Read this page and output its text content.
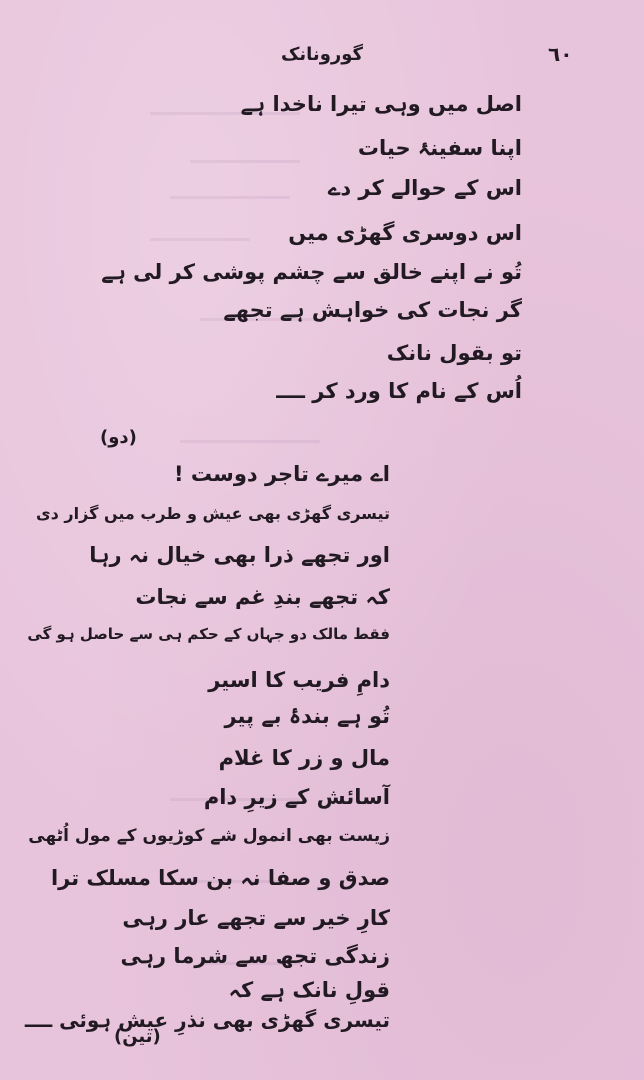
گورونانک	٦٠
اصل میں وہی تیرا ناخدا ہے
اپنا سفینۂ حیات
اس کے حوالے کر دے
اس دوسری گھڑی میں
تُو نے اپنے خالق سے چشم پوشی کر لی ہے
گر نجات کی خواہش ہے تجھے
تو بقول نانک
اُس کے نام کا ورد کر ــــ
(دو)
اے میرے تاجر دوست !
تیسری گھڑی بھی عیش و طرب میں گزار دی
اور تجھے ذرا بھی خیال نہ رہا
کہ تجھے بندِ غم سے نجات
فقط مالک دو جہاں کے حکم ہی سے حاصل ہو گی
دامِ فریب کا اسیر
تُو ہے بندۂ بے پیر
مال و زر کا غلام
آسائش کے زیرِ دام
زیست بھی انمول شے کوڑیوں کے مول اُٹھی
صدق و صفا نہ بن سکا مسلک ترا
کارِ خیر سے تجھے عار رہی
زندگی تجھ سے شرما رہی
قولِ نانک ہے کہ
تیسری گھڑی بھی نذرِ عیش ہوئی ــــ
(تین)
